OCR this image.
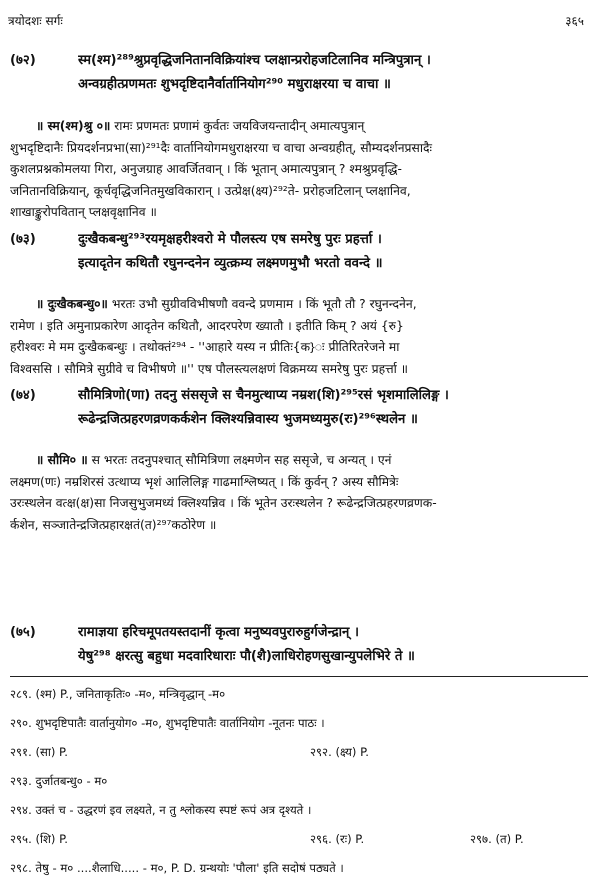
त्रयोदशः सर्गः	३६५
(७२)	स्म(श्म)²⁸⁹श्रुप्रवृद्धिजनितानविक्रियांश्च प्लक्षान्प्ररोहजटिलानिव मन्त्रिपुत्रान् ।
अन्वग्रहीत्प्रणमतः शुभदृष्टिदानैर्वार्तानियोग²⁹⁰ मधुराक्षरया च वाचा ॥
॥ स्म(श्म)श्रु ०॥ रामः प्रणमतः प्रणामं कुर्वतः जयविजयन्तादीन् अमात्यपुत्रान्
शुभदृष्टिदानैः प्रियदर्शनप्रभा(सा)²⁹¹दैः वार्तानियोगमधुराक्षरया च वाचा अन्वग्रहीत्, सौम्यदर्शनप्रसादैः
कुशलप्रश्नकोमलया गिरा, अनुजग्राह आवर्जितवान् । किं भूतान् अमात्यपुत्रान् ? श्मश्रुप्रवृद्धि-
जनितानविक्रियान्, कूर्चवृद्धिजनितमुखविकारान् । उत्प्रेक्ष(क्ष्य)²⁹²ते- प्ररोहजटिलान् प्लक्षानिव,
शाखाङ्कुरोपवितान् प्लक्षवृक्षानिव ॥
(७३)	दुःखैकबन्धु²⁹³रयमृक्षहरीश्वरो मे पौलस्त्य एष समरेषु पुरः प्रहर्त्ता ।
इत्यादृतेन कथितौ रघुनन्दनेन व्युत्क्रम्य लक्ष्मणमुभौ भरतो ववन्दे ॥
॥ दुःखैकबन्धु०॥ भरतः उभौ सुग्रीवविभीषणौ ववन्दे प्रणमाम । किं भूतौ तौ ? रघुनन्दनेन,
रामेण । इति अमुनाप्रकारेण आदृतेन कथितौ, आदरपरेण ख्यातौ । इतीति किम् ? अयं {रु}
हरीश्वरः मे मम दुःखैकबन्धुः । तथोक्तं²⁹⁴ - ''आहारे यस्य न प्रीतिः{क}ः प्रीतिरितरेजने मा
विश्वससि । सौमित्रे सुग्रीवे च विभीषणे ॥'' एष पौलस्त्यलक्षणं विक्रमय्य समरेषु पुरः प्रहर्त्ता ॥
(७४)	सौमित्रिणो(णा) तदनु संससृजे स चैनमुत्थाप्य नम्रश(शि)²⁹⁵रसं भृशमालिलिङ्ग ।
रूढेन्द्रजित्प्रहरणव्रणकर्कशेन क्लिश्यन्निवास्य भुजमध्यमुरु(रः)²⁹⁶स्थलेन ॥
॥ सौमि० ॥ स भरतः तदनुपश्चात् सौमित्रिणा लक्ष्मणेन सह ससृजे, च अन्यत् । एनं
लक्ष्मण(णः) नम्रशिरसं उत्थाप्य भृशं आलिलिङ्ग गाढमाश्लिष्यत् । किं कुर्वन् ? अस्य सौमित्रेः
उरःस्थलेन वत्क्ष(क्ष)सा निजसुभुजमध्यं क्लिश्यन्निव । किं भूतेन उरःस्थलेन ? रूढेन्द्रजित्प्रहरणव्रणक-
र्कशेन, सञ्जातेन्द्रजित्प्रहारक्षतं(त)²⁹⁷कठोरेण ॥
(७५)	रामाज्ञया हरिचमूपतयस्तदानीं कृत्वा मनुष्यवपुरारुहुर्गजेन्द्रान् ।
येषु²⁹⁸ क्षरत्सु बहुधा मदवारिधाराः पौ(शै)लाधिरोहणसुखान्युपलेभिरे ते ॥
२८९. (श्म) P., जनिताकृतिः० -म०, मन्त्रिवृद्धान् -म०
२९०. शुभदृष्टिपातैः वार्तानुयोग० -म०, शुभदृष्टिपातैः वार्तानियोग -नूतनः पाठः ।
२९१. (सा) P.	२९२. (क्ष्य) P.
२९३. दुर्जातबन्धु० - म०
२९४. उक्तं च - उद्धरणं इव लक्ष्यते, न तु श्लोकस्य स्पष्टं रूपं अत्र दृश्यते ।
२९५. (शि) P.	२९६. (रः) P.	२९७. (त) P.
२९८. तेषु - म० ....शैलाधि..... - म०, P. D. ग्रन्थयोः 'पौला' इति सदोषं पठ्यते ।
